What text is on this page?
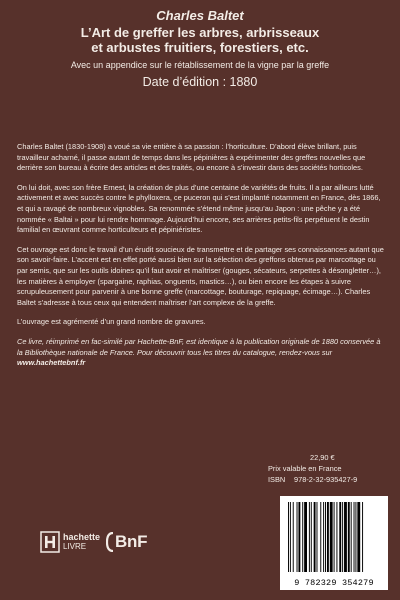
Charles Baltet
L’Art de greffer les arbres, arbrisseaux
et arbustes fruitiers, forestiers, etc.
Avec un appendice sur le rétablissement de la vigne par la greffe
Date d’édition : 1880

Charles Baltet (1830-1908) a voué sa vie entière à sa passion : l’horticulture. D’abord élève brillant, puis travailleur acharné, il passe autant de temps dans les pépinières à expérimenter des greffes nouvelles que derrière son bureau à écrire des articles et des traités, ou encore à s’investir dans des sociétés horticoles.

On lui doit, avec son frère Ernest, la création de plus d’une centaine de variétés de fruits. Il a par ailleurs lutté activement et avec succès contre le phylloxera, ce puceron qui s’est implanté notamment en France, dès 1866, et qui a ravagé de nombreux vignobles. Sa renommée s’étend même jusqu’au Japon : une pêche y a été nommée « Baltai » pour lui rendre hommage. Aujourd’hui encore, ses arrières petits-fils perpétuent le destin familial en œuvrant comme horticulteurs et pépiniéristes.

Cet ouvrage est donc le travail d’un érudit soucieux de transmettre et de partager ses connaissances autant que son savoir-faire. L’accent est en effet porté aussi bien sur la sélection des greffons obtenus par marcottage ou par semis, que sur les outils idoines qu’il faut avoir et maîtriser (gouges, sécateurs, serpettes à désongletter…), les matières à employer (spargaine, raphias, onguents, mastics…), ou bien encore les étapes à suivre scrupuleusement pour parvenir à une bonne greffe (marcottage, bouturage, repiquage, écimage…). Charles Baltet s’adresse à tous ceux qui entendent maîtriser l’art complexe de la greffe.

L’ouvrage est agrémenté d’un grand nombre de gravures.

Ce livre, réimprimé en fac-similé par Hachette-BnF, est identique à la publication originale de 1880 conservée à la Bibliothèque nationale de France. Pour découvrir tous les titres du catalogue, rendez-vous sur www.hachettebnf.fr

22,90 €
Prix valable en France
ISBN 978-2-32-935427-9
hachette
LIVRE	BnF
9 782329 354279
